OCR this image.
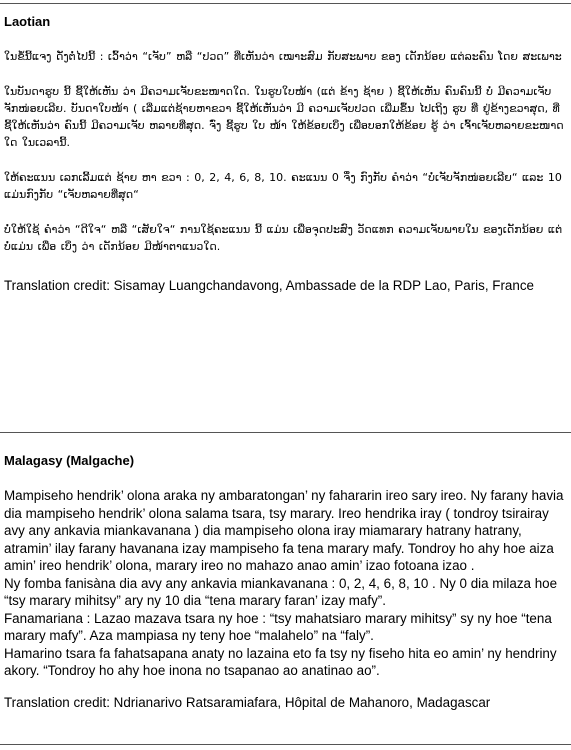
Laotian

ໃນຂໍ້ນີ້ແຈງ ດັ່ງຕໍ່ໄປນີ້ : ເວົ້າວ່າ “ເຈັບ” ຫລື “ປວດ” ທີ່ເຫັນວ່າ ເໝາະສົມ ກັບສະພາບ ຂອງ ເດັກນ້ອຍ ແຕ່ລະຄົນ ໂດຍ ສະເພາະ

ໃນບັນດາຮູບ ນີ້ ຊີ້ໃຫ້ເຫັນ ວ່າ ມີຄວາມເຈັບຂະໜາດໃດ. ໃນຮູບໃບໜ້າ (ແຕ່ ຂ້າງ ຊ້າຍ ) ຊີ້ໃຫ້ເຫັນ ຄົນຄົນນີ້ ບໍ່ ມີຄວາມເຈັບ ຈັກໜ່ອຍເລີຍ. ບັນດາໃບໜ້າ ( ເລີ່ມແຕ່ຊ້າຍຫາຂວາ ຊີ້ໃຫ້ເຫັນວ່າ ມີ ຄວາມເຈັບປວດ ເພີ່ມຂຶ້ນ ໄປເຖິງ ຮູບ ທີ່ ຢູ່ຂ້າງຂວາສຸດ, ທີ່ຊີ້ໃຫ້ເຫັນວ່າ ຄົນນີ້ ມີຄວາມເຈັບ ຫລາຍທີ່ສຸດ. ຈົ່ງ ຊີ້ຮູບ ໃບ ໜ້າ ໃຫ້ຂ້ອຍເບິ່ງ ເພື່ອບອກໃຫ້ຂ້ອຍ ຮູ້ ວ່າ ເຈົ້າເຈັບຫລາຍຂະໜາດໃດ ໃນເວລານີ້.

ໃຫ້ຄະແນນ ເລກເລີ້ມແຕ່ ຊ້າຍ ຫາ ຂວາ : 0, 2, 4, 6, 8, 10. ຄະແນນ 0 ຈຶ່ງ ກົງກັບ ຄຳວ່າ “ບໍ່ເຈັບຈັກໜ່ອຍເລີຍ“ ແລະ 10 ແມ່ນກົງກັບ “ເຈັບຫລາຍທີ່ສຸດ“

ບໍ່ໃຫ້ໃຊ້ ຄຳວ່າ “ດີໃຈ“ ຫລື “ເສັຍໃຈ“ ການໃຊ້ຄະແນນ ນີ້ ແມ່ນ ເພື່ອຈຸດປະສົງ ວັດແທກ ຄວາມເຈັບພາຍໃນ ຂອງເດັກນ້ອຍ ແຕ່ບໍ່ແມ່ນ ເພື່ອ ເບິ່ງ ວ່າ ເດັກນ້ອຍ ມີໜ້າຕາແນວໃດ.

Translation credit: Sisamay Luangchandavong, Ambassade de la RDP Lao, Paris, France

Malagasy (Malgache)

Mampiseho hendrik’ olona araka ny ambaratongan’ ny fahararin ireo sary ireo. Ny farany havia dia mampiseho hendrik’ olona salama tsara, tsy marary. Ireo hendrika iray ( tondroy tsirairay avy any ankavia miankavanana ) dia mampiseho olona iray miamarary hatrany hatrany, atramin’ ilay farany havanana izay mampiseho fa tena marary mafy. Tondroy ho ahy hoe aiza amin’ ireo hendrik’ olona, marary ireo no mahazo anao amin’ izao fotoana izao .

Ny fomba fanisàna dia avy any ankavia miankavanana : 0, 2, 4, 6, 8, 10 . Ny 0 dia milaza hoe “tsy marary mihitsy” ary ny 10 dia “tena marary faran’ izay mafy”.

Fanamariana : Lazao mazava tsara ny hoe : “tsy mahatsiaro marary mihitsy” sy ny hoe “tena marary mafy”. Aza mampiasa ny teny hoe “malahelo” na “faly”.

Hamarino tsara fa fahatsapana anaty no lazaina eto fa tsy ny fiseho hita eo amin’ ny hendriny akory. “Tondroy ho ahy hoe inona no tsapanao ao anatinao ao”.

Translation credit: Ndrianarivo Ratsaramiafara, Hôpital de Mahanoro, Madagascar
